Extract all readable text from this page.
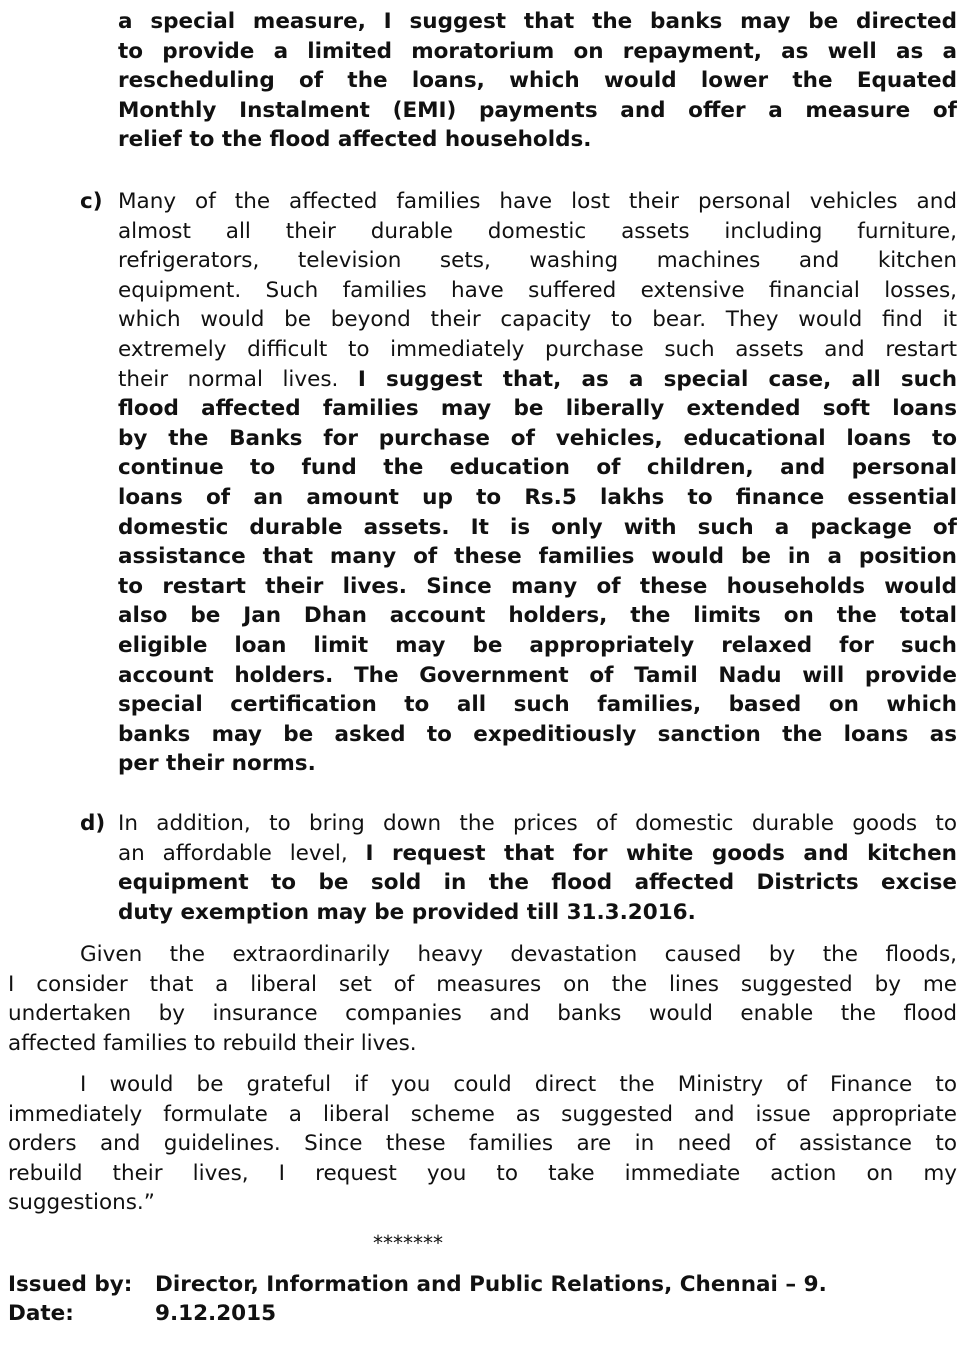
a special measure, I suggest that the banks may be directed
to provide a limited moratorium on repayment, as well as a
rescheduling of the loans, which would lower the Equated
Monthly Instalment (EMI) payments and offer a measure of
relief to the flood affected households.
c) Many of the affected families have lost their personal vehicles and
almost all their durable domestic assets including furniture,
refrigerators, television sets, washing machines and kitchen
equipment. Such families have suffered extensive financial losses,
which would be beyond their capacity to bear. They would find it
extremely difficult to immediately purchase such assets and restart
their normal lives. I suggest that, as a special case, all such
flood affected families may be liberally extended soft loans
by the Banks for purchase of vehicles, educational loans to
continue to fund the education of children, and personal
loans of an amount up to Rs.5 lakhs to finance essential
domestic durable assets. It is only with such a package of
assistance that many of these families would be in a position
to restart their lives. Since many of these households would
also be Jan Dhan account holders, the limits on the total
eligible loan limit may be appropriately relaxed for such
account holders. The Government of Tamil Nadu will provide
special certification to all such families, based on which
banks may be asked to expeditiously sanction the loans as
per their norms.
d) In addition, to bring down the prices of domestic durable goods to
an affordable level, I request that for white goods and kitchen
equipment to be sold in the flood affected Districts excise
duty exemption may be provided till 31.3.2016.
Given the extraordinarily heavy devastation caused by the floods,
I consider that a liberal set of measures on the lines suggested by me
undertaken by insurance companies and banks would enable the flood
affected families to rebuild their lives.
I would be grateful if you could direct the Ministry of Finance to
immediately formulate a liberal scheme as suggested and issue appropriate
orders and guidelines. Since these families are in need of assistance to
rebuild their lives, I request you to take immediate action on my
suggestions.”
*******
Issued by: Director, Information and Public Relations, Chennai – 9.
Date:	9.12.2015
